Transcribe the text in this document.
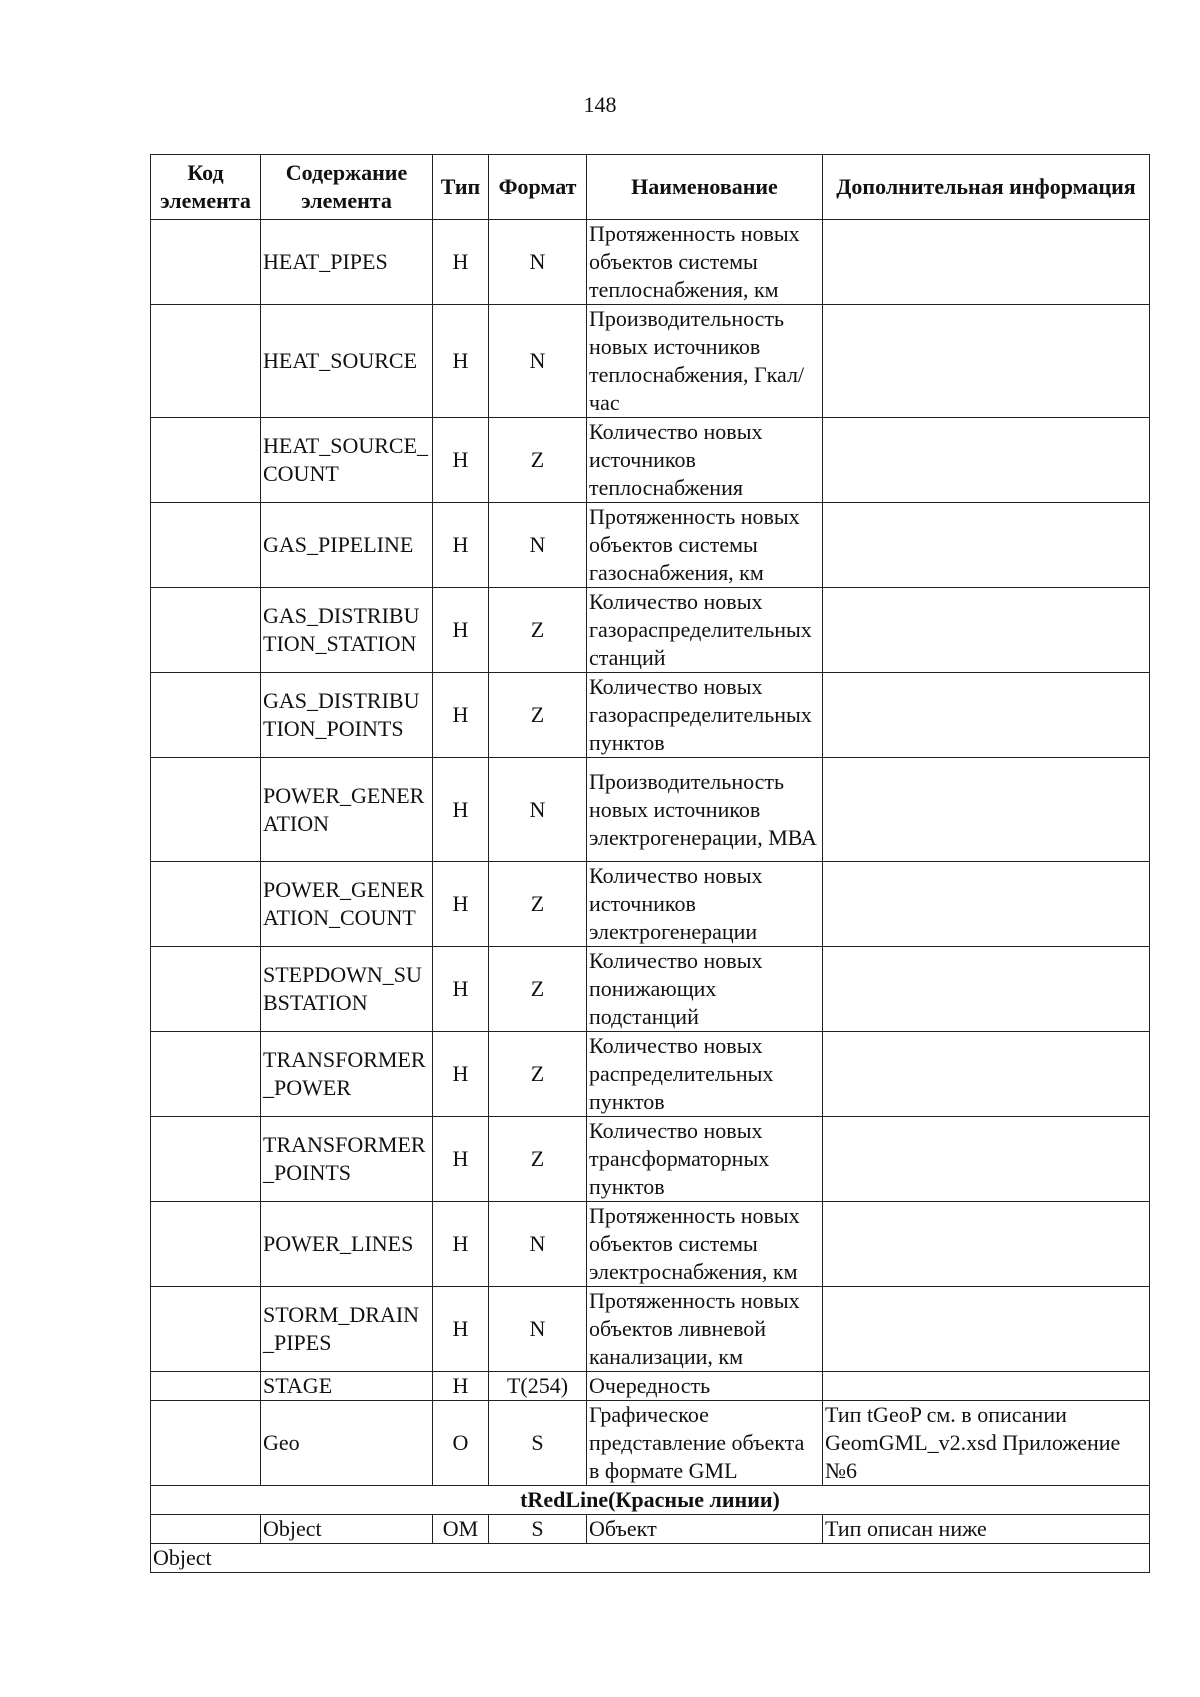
148
Код элемента	Содержание элемента	Тип	Формат	Наименование	Дополнительная информация
	HEAT_PIPES	Н	N	Протяженность новых объектов системы теплоснабжения, км	
	HEAT_SOURCE	Н	N	Производительность новых источников теплоснабжения, Гкал/час	
	HEAT_SOURCE_COUNT	Н	Z	Количество новых источников теплоснабжения	
	GAS_PIPELINE	Н	N	Протяженность новых объектов системы газоснабжения, км	
	GAS_DISTRIBUTION_STATION	Н	Z	Количество новых газораспределительных станций	
	GAS_DISTRIBUTION_POINTS	Н	Z	Количество новых газораспределительных пунктов	
	POWER_GENERATION	Н	N	Производительность новых источников электрогенерации, МВА	
	POWER_GENERATION_COUNT	Н	Z	Количество новых источников электрогенерации	
	STEPDOWN_SUBSTATION	Н	Z	Количество новых понижающих подстанций	
	TRANSFORMER_POWER	Н	Z	Количество новых распределительных пунктов	
	TRANSFORMER_POINTS	Н	Z	Количество новых трансформаторных пунктов	
	POWER_LINES	Н	N	Протяженность новых объектов системы электроснабжения, км	
	STORM_DRAIN_PIPES	Н	N	Протяженность новых объектов ливневой канализации, км	
	STAGE	Н	T(254)	Очередность	
	Geo	О	S	Графическое представление объекта в формате GML	Тип tGeoP см. в описании GeomGML_v2.xsd Приложение №6
tRedLine(Красные линии)					
	Object	ОМ	S	Объект	Тип описан ниже
Object					
